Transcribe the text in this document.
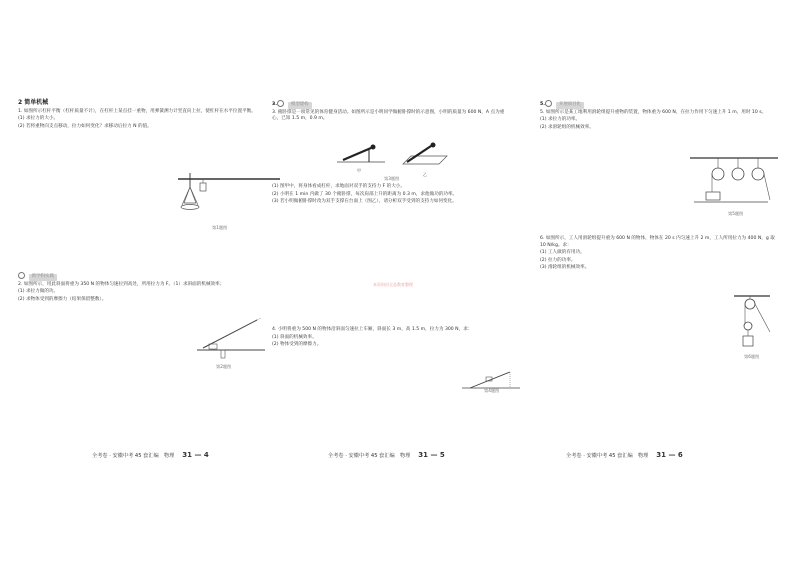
2 简单机械

1. 如图所示杠杆平衡（杠杆质量不计），在杠杆上某点挂一重物，用弹簧测力计竖直向上拉，使杠杆在水平位置平衡。

(1) 求拉力的大小。

(2) 若将重物向支点移动，拉力如何变化？求移动后拉力 N 的值。

第1题图

跨学科实践

2. 如图所示，用此斜面将重为 350 N 的物体匀速拉到高处，所用拉力为 F。（1）求斜面的机械效率；

(1) 求拉力做的功。

(2) 求物体受到的摩擦力（结果保留整数）。

第2题图

3.	模型建构

3. 俯卧撑是一项常见的体育健身活动。如图所示是小明同学做俯卧撑时的示意图，小明的质量为 600 N，A 点为重心，已知 1.5 m，0.9 m。

甲
乙
第3题图

(1) 图甲中，将身体看成杠杆，求地面对双手的支持力 F 的大小。

(2) 小明在 1 min 内做了 30 个俯卧撑，每次肩部上升的距离为 0.3 m，求他做功的功率。

(3) 若小明做俯卧撑时改为双手支撑在台面上（图乙），请分析双手受到的支持力如何变化。

本资料由全品教育整理

4. 小明将重为 500 N 的物体沿斜面匀速拉上车厢，斜面长 3 m，高 1.5 m，拉力为 300 N，求：

(1) 斜面的机械效率。

(2) 物体受到的摩擦力。

第4题图

5.	开展项目化

5. 如图所示是某工地利用滑轮组提升重物的装置，物体重为 600 N，在拉力作用下匀速上升 1 m，用时 10 s。

(1) 求拉力的功率。

(2) 求滑轮组的机械效率。

第5题图

6. 如图所示，工人用滑轮组提升重为 600 N 的物体，物体在 20 s 内匀速上升 2 m，工人所用拉力为 400 N，g 取 10 N/kg。求：

(1) 工人做的有用功。

(2) 拉力的功率。

(3) 滑轮组的机械效率。

第6题图
全考卷 · 安徽中考 45 套汇编　物理 31 — 4	全考卷 · 安徽中考 45 套汇编　物理 31 — 5	全考卷 · 安徽中考 45 套汇编　物理 31 — 6
